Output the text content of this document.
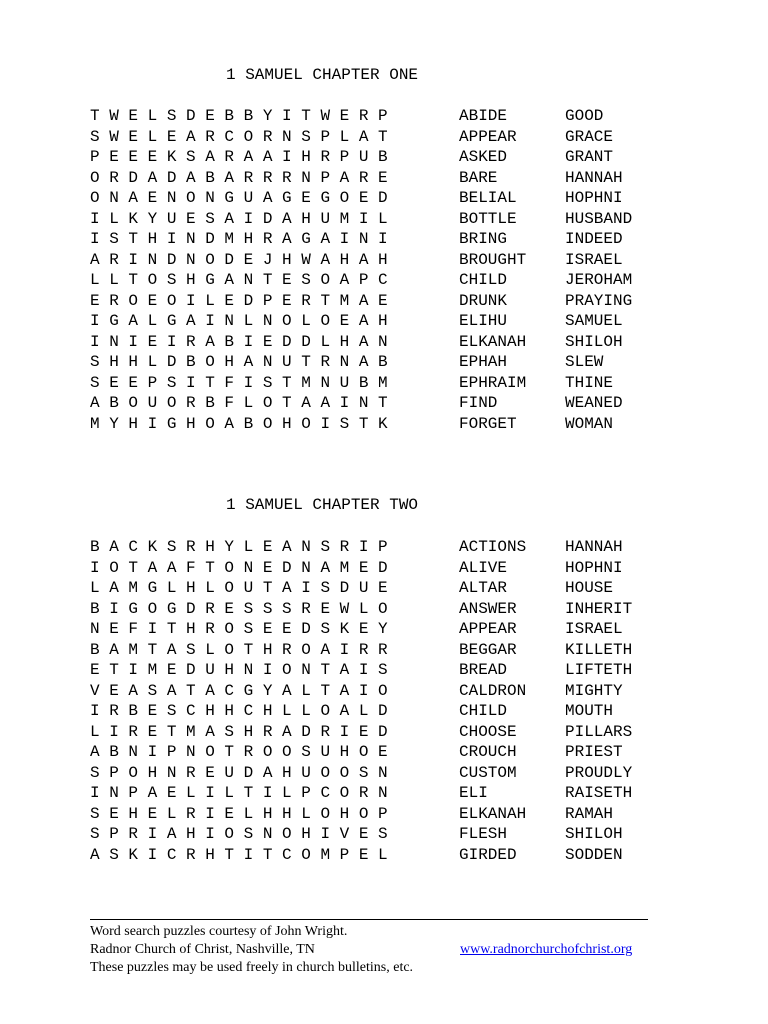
1 SAMUEL CHAPTER ONE
T W E L S D E B B Y I T W E R P
S W E L E A R C O R N S P L A T
P E E E K S A R A A I H R P U B
O R D A D A B A R R R N P A R E
O N A E N O N G U A G E G O E D
I L K Y U E S A I D A H U M I L
I S T H I N D M H R A G A I N I
A R I N D N O D E J H W A H A H
L L T O S H G A N T E S O A P C
E R O E O I L E D P E R T M A E
I G A L G A I N L N O L O E A H
I N I E I R A B I E D D L H A N
S H H L D B O H A N U T R N A B
S E E P S I T F I S T M N U B M
A B O U O R B F L O T A A I N T
M Y H I G H O A B O H O I S T K
ABIDE
APPEAR
ASKED
BARE
BELIAL
BOTTLE
BRING
BROUGHT
CHILD
DRUNK
ELIHU
ELKANAH
EPHAH
EPHRAIM
FIND
FORGET
GOOD
GRACE
GRANT
HANNAH
HOPHNI
HUSBAND
INDEED
ISRAEL
JEROHAM
PRAYING
SAMUEL
SHILOH
SLEW
THINE
WEANED
WOMAN
1 SAMUEL CHAPTER TWO
B A C K S R H Y L E A N S R I P
I O T A A F T O N E D N A M E D
L A M G L H L O U T A I S D U E
B I G O G D R E S S S R E W L O
N E F I T H R O S E E D S K E Y
B A M T A S L O T H R O A I R R
E T I M E D U H N I O N T A I S
V E A S A T A C G Y A L T A I O
I R B E S C H H C H L L O A L D
L I R E T M A S H R A D R I E D
A B N I P N O T R O O S U H O E
S P O H N R E U D A H U O O S N
I N P A E L I L T I L P C O R N
S E H E L R I E L H H L O H O P
S P R I A H I O S N O H I V E S
A S K I C R H T I T C O M P E L
ACTIONS
ALIVE
ALTAR
ANSWER
APPEAR
BEGGAR
BREAD
CALDRON
CHILD
CHOOSE
CROUCH
CUSTOM
ELI
ELKANAH
FLESH
GIRDED
HANNAH
HOPHNI
HOUSE
INHERIT
ISRAEL
KILLETH
LIFTETH
MIGHTY
MOUTH
PILLARS
PRIEST
PROUDLY
RAISETH
RAMAH
SHILOH
SODDEN
Word search puzzles courtesy of John Wright.
Radnor Church of Christ, Nashville, TN	www.radnorchurchofchrist.org
These puzzles may be used freely in church bulletins, etc.
